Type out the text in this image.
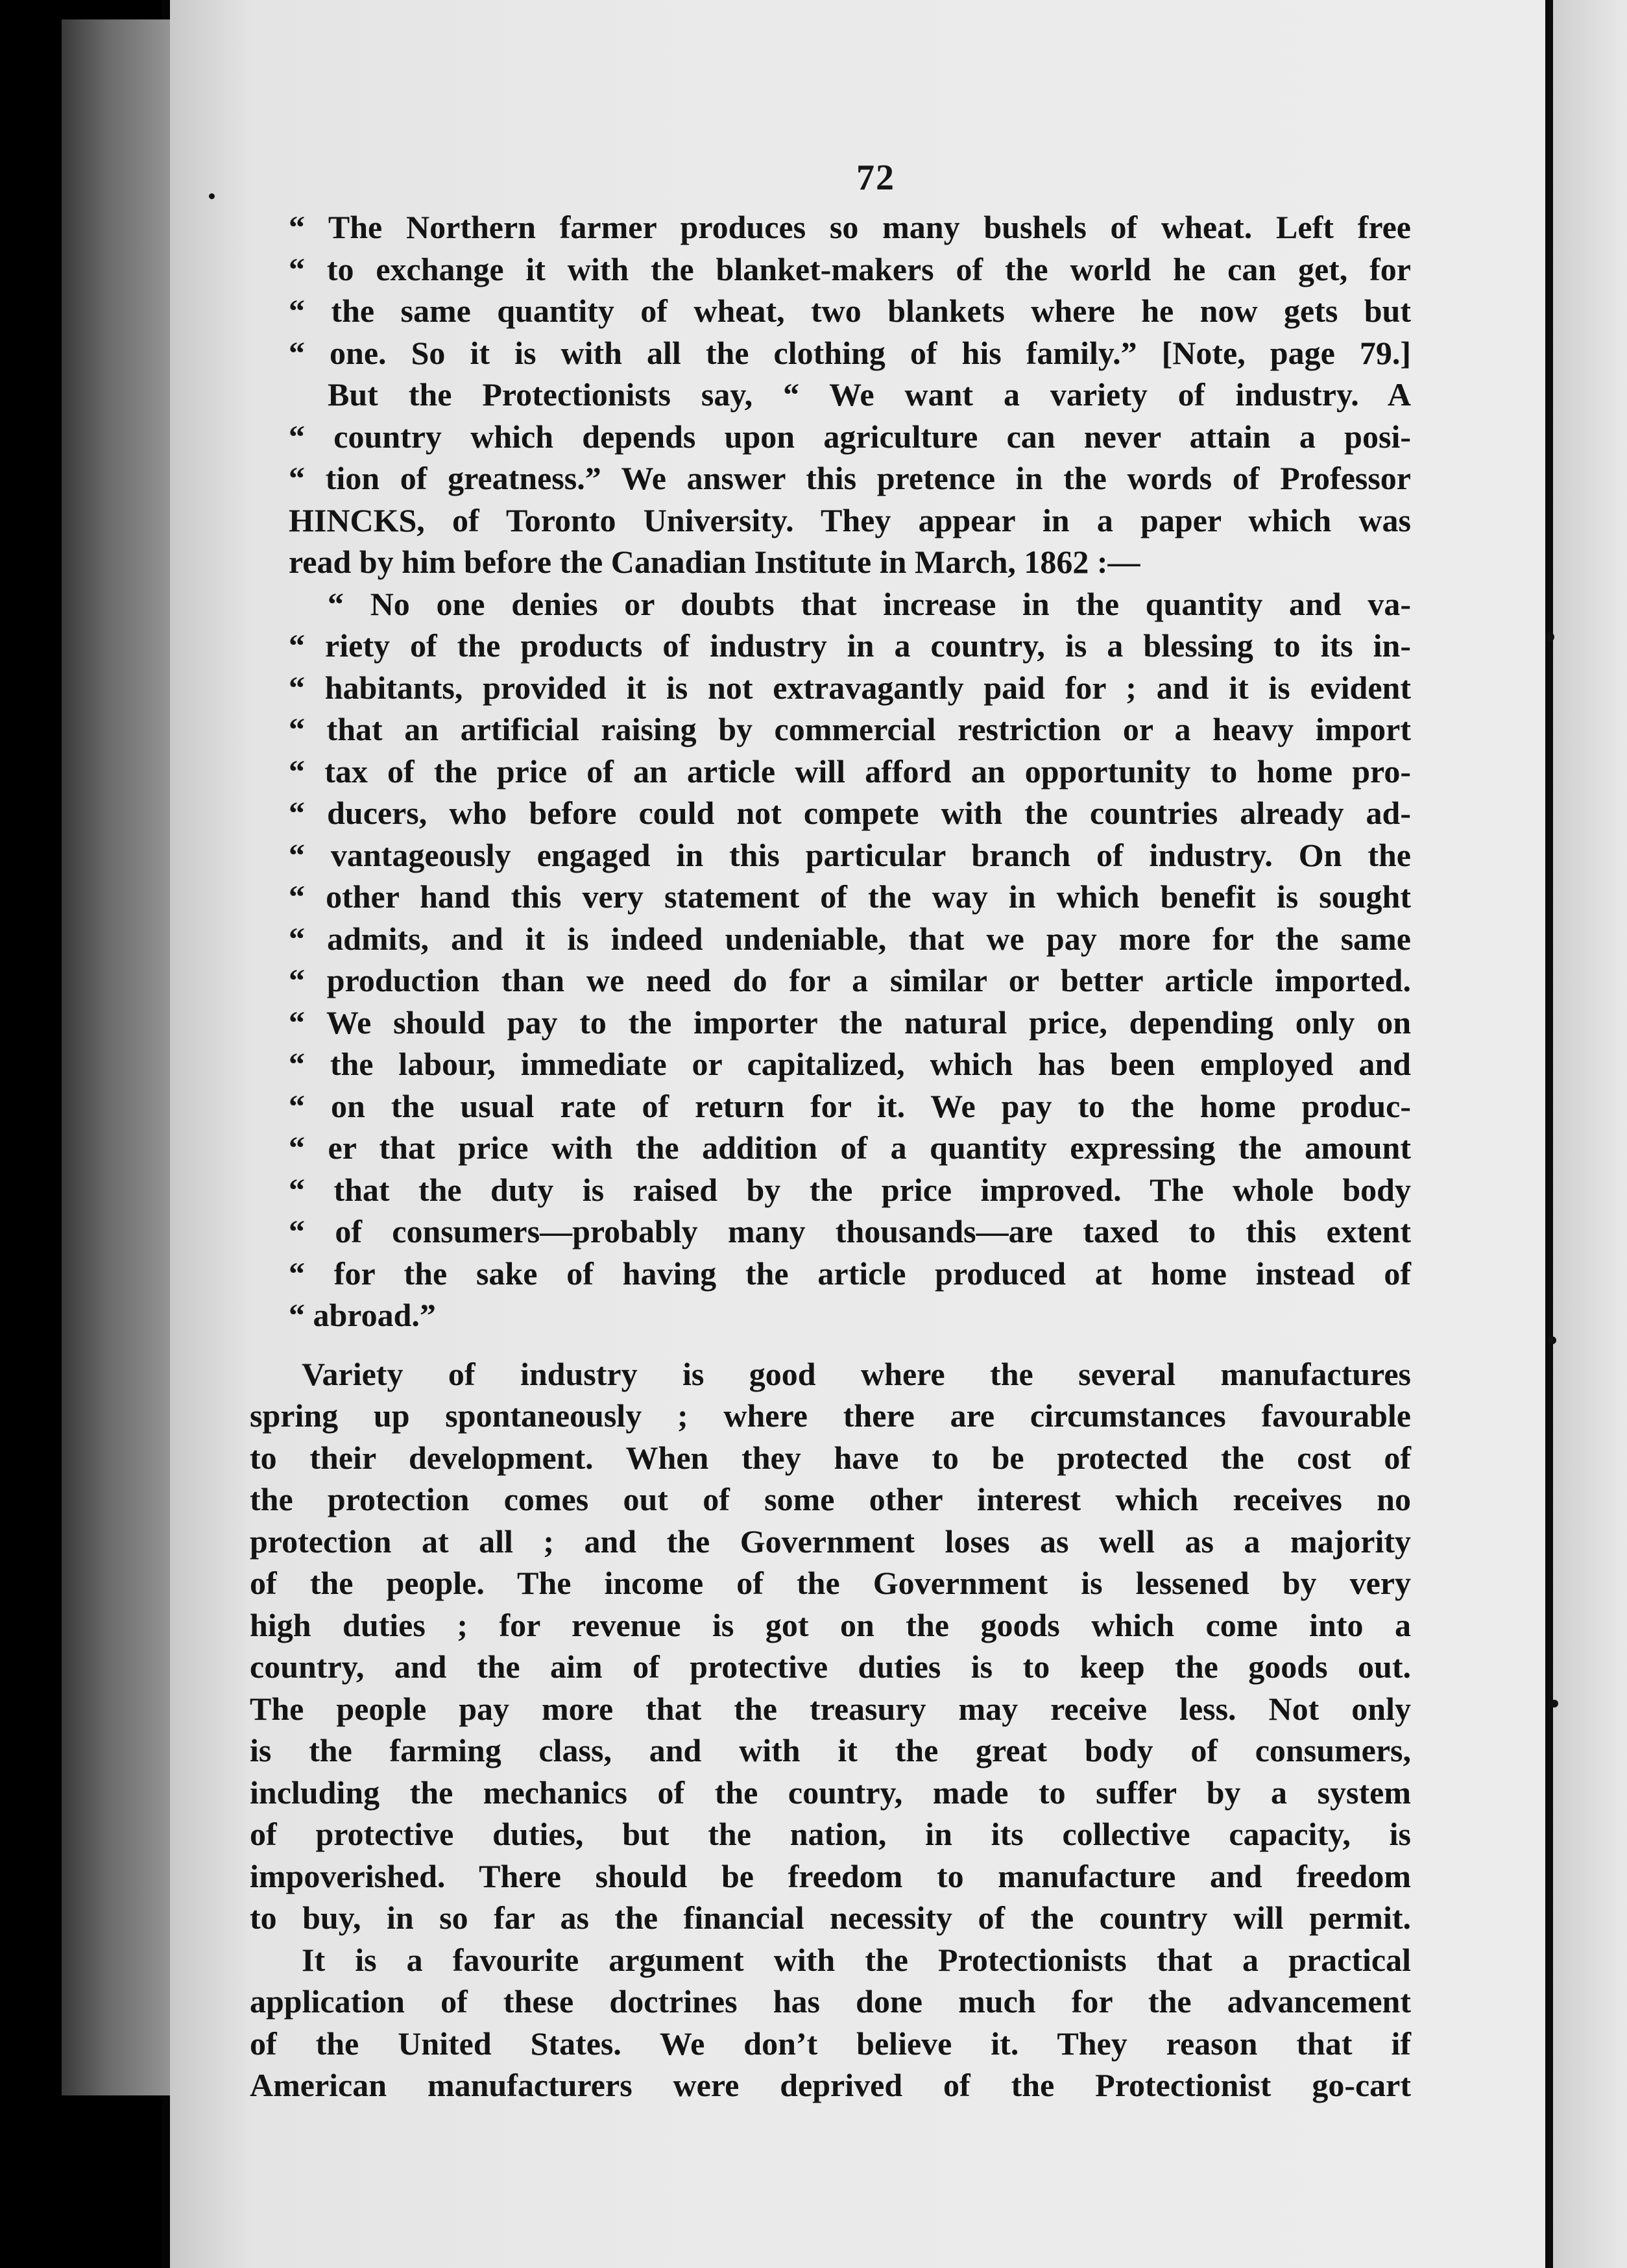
72
“ The Northern farmer produces so many bushels of wheat. Left free
“ to exchange it with the blanket-makers of the world he can get, for
“ the same quantity of wheat, two blankets where he now gets but
“ one. So it is with all the clothing of his family.” [Note, page 79.]
But the Protectionists say, “ We want a variety of industry. A
“ country which depends upon agriculture can never attain a posi-
“ tion of greatness.” We answer this pretence in the words of Professor
HINCKS, of Toronto University. They appear in a paper which was
read by him before the Canadian Institute in March, 1862 :—
“ No one denies or doubts that increase in the quantity and va-
“ riety of the products of industry in a country, is a blessing to its in-
“ habitants, provided it is not extravagantly paid for ; and it is evident
“ that an artificial raising by commercial restriction or a heavy import
“ tax of the price of an article will afford an opportunity to home pro-
“ ducers, who before could not compete with the countries already ad-
“ vantageously engaged in this particular branch of industry. On the
“ other hand this very statement of the way in which benefit is sought
“ admits, and it is indeed undeniable, that we pay more for the same
“ production than we need do for a similar or better article imported.
“ We should pay to the importer the natural price, depending only on
“ the labour, immediate or capitalized, which has been employed and
“ on the usual rate of return for it. We pay to the home produc-
“ er that price with the addition of a quantity expressing the amount
“ that the duty is raised by the price improved. The whole body
“ of consumers—probably many thousands—are taxed to this extent
“ for the sake of having the article produced at home instead of
“ abroad.”
Variety of industry is good where the several manufactures
spring up spontaneously ; where there are circumstances favourable
to their development. When they have to be protected the cost of
the protection comes out of some other interest which receives no
protection at all ; and the Government loses as well as a majority
of the people. The income of the Government is lessened by very
high duties ; for revenue is got on the goods which come into a
country, and the aim of protective duties is to keep the goods out.
The people pay more that the treasury may receive less. Not only
is the farming class, and with it the great body of consumers,
including the mechanics of the country, made to suffer by a system
of protective duties, but the nation, in its collective capacity, is
impoverished. There should be freedom to manufacture and freedom
to buy, in so far as the financial necessity of the country will permit.
It is a favourite argument with the Protectionists that a practical
application of these doctrines has done much for the advancement
of the United States. We don’t believe it. They reason that if
American manufacturers were deprived of the Protectionist go-cart
